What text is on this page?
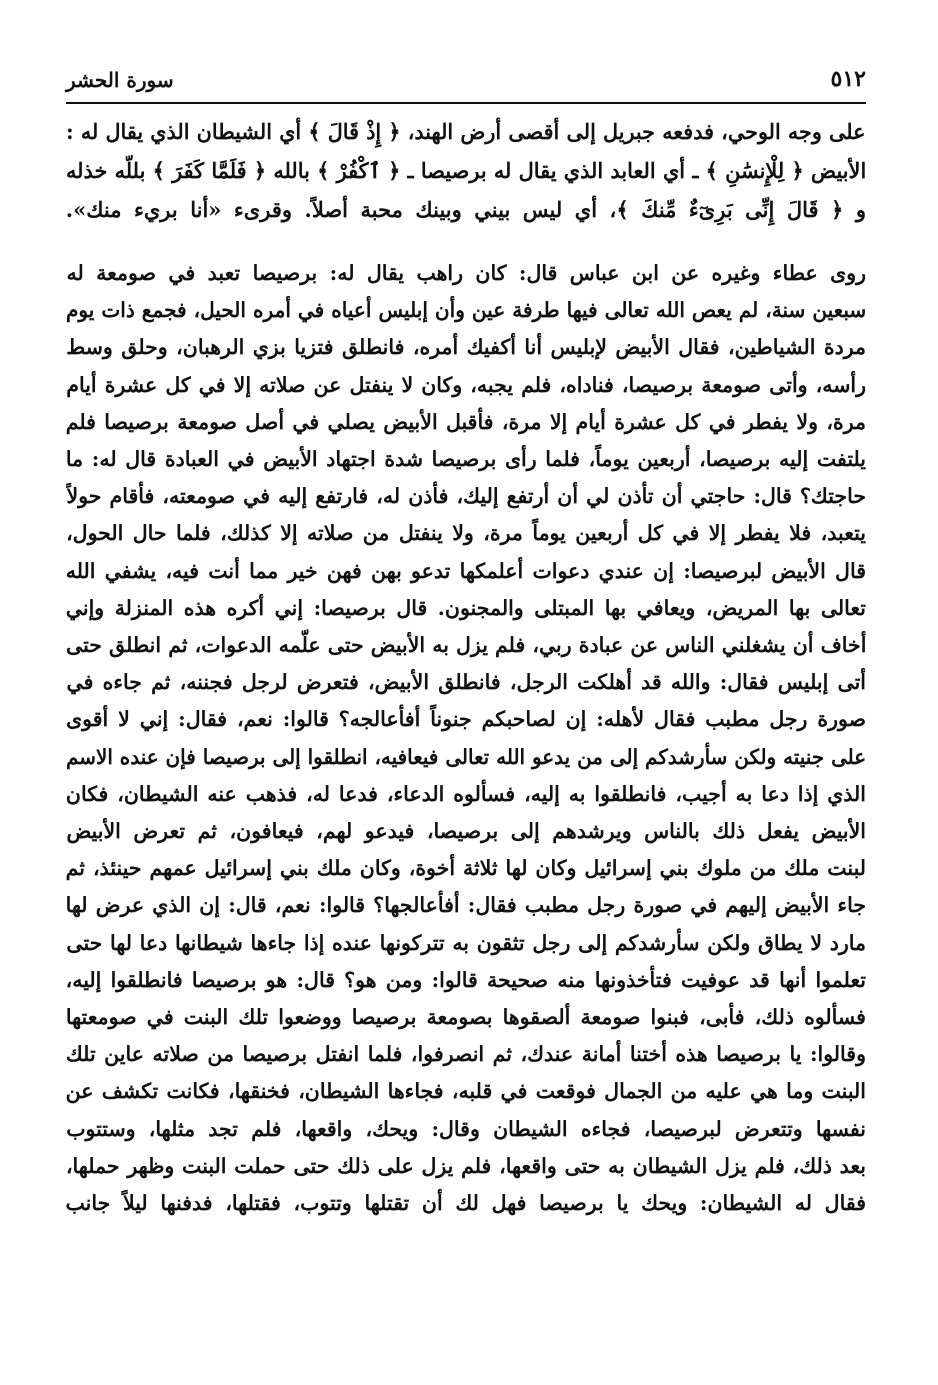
٥١٢
سورة الحشر
على وجه الوحي، فدفعه جبريل إلى أقصى أرض الهند، ﴿ إِذْ قَالَ ﴾ أي الشيطان الذي يقال له :
الأبيض ﴿ لِلْإِنسَٰنِ ﴾ ـ أي العابد الذي يقال له برصيصا ـ ﴿ ٱكْفُرْ ﴾ بالله ﴿ فَلَمَّا كَفَرَ ﴾ بللّه خذله
و ﴿ قَالَ إِنِّى بَرِىٓءٌ مِّنكَ ﴾، أي ليس بيني وبينك محبة أصلاً. وقرىء «أنا بريء منك».
روى عطاء وغيره عن ابن عباس قال: كان راهب يقال له: برصيصا تعبد في صومعة له
سبعين سنة، لم يعص الله تعالى فيها طرفة عين وأن إبليس أعياه في أمره الحيل، فجمع ذات يوم
مردة الشياطين، فقال الأبيض لإبليس أنا أكفيك أمره، فانطلق فتزيا بزي الرهبان، وحلق وسط
رأسه، وأتى صومعة برصيصا، فناداه، فلم يجبه، وكان لا ينفتل عن صلاته إلا في كل عشرة أيام
مرة، ولا يفطر في كل عشرة أيام إلا مرة، فأقبل الأبيض يصلي في أصل صومعة برصيصا فلم
يلتفت إليه برصيصا، أربعين يوماً، فلما رأى برصيصا شدة اجتهاد الأبيض في العبادة قال له: ما
حاجتك؟ قال: حاجتي أن تأذن لي أن أرتفع إليك، فأذن له، فارتفع إليه في صومعته، فأقام حولاً
يتعبد، فلا يفطر إلا في كل أربعين يوماً مرة، ولا ينفتل من صلاته إلا كذلك، فلما حال الحول،
قال الأبيض لبرصيصا: إن عندي دعوات أعلمكها تدعو بهن فهن خير مما أنت فيه، يشفي الله
تعالى بها المريض، ويعافي بها المبتلى والمجنون. قال برصيصا: إني أكره هذه المنزلة وإني
أخاف أن يشغلني الناس عن عبادة ربي، فلم يزل به الأبيض حتى علّمه الدعوات، ثم انطلق حتى
أتى إبليس فقال: والله قد أهلكت الرجل، فانطلق الأبيض، فتعرض لرجل فجننه، ثم جاءه في
صورة رجل مطبب فقال لأهله: إن لصاحبكم جنوناً أفأعالجه؟ قالوا: نعم، فقال: إني لا أقوى
على جنيته ولكن سأرشدكم إلى من يدعو الله تعالى فيعافيه، انطلقوا إلى برصيصا فإن عنده الاسم
الذي إذا دعا به أجيب، فانطلقوا به إليه، فسألوه الدعاء، فدعا له، فذهب عنه الشيطان، فكان
الأبيض يفعل ذلك بالناس ويرشدهم إلى برصيصا، فيدعو لهم، فيعافون، ثم تعرض الأبيض
لبنت ملك من ملوك بني إسرائيل وكان لها ثلاثة أخوة، وكان ملك بني إسرائيل عمهم حينئذ، ثم
جاء الأبيض إليهم في صورة رجل مطبب فقال: أفأعالجها؟ قالوا: نعم، قال: إن الذي عرض لها
مارد لا يطاق ولكن سأرشدكم إلى رجل تثقون به تتركونها عنده إذا جاءها شيطانها دعا لها حتى
تعلموا أنها قد عوفيت فتأخذونها منه صحيحة قالوا: ومن هو؟ قال: هو برصيصا فانطلقوا إليه،
فسألوه ذلك، فأبى، فبنوا صومعة ألصقوها بصومعة برصيصا ووضعوا تلك البنت في صومعتها
وقالوا: يا برصيصا هذه أختنا أمانة عندك، ثم انصرفوا، فلما انفتل برصيصا من صلاته عاين تلك
البنت وما هي عليه من الجمال فوقعت في قلبه، فجاءها الشيطان، فخنقها، فكانت تكشف عن
نفسها وتتعرض لبرصيصا، فجاءه الشيطان وقال: ويحك، واقعها، فلم تجد مثلها، وستتوب
بعد ذلك، فلم يزل الشيطان به حتى واقعها، فلم يزل على ذلك حتى حملت البنت وظهر حملها،
فقال له الشيطان: ويحك يا برصيصا فهل لك أن تقتلها وتتوب، فقتلها، فدفنها ليلاً جانب
